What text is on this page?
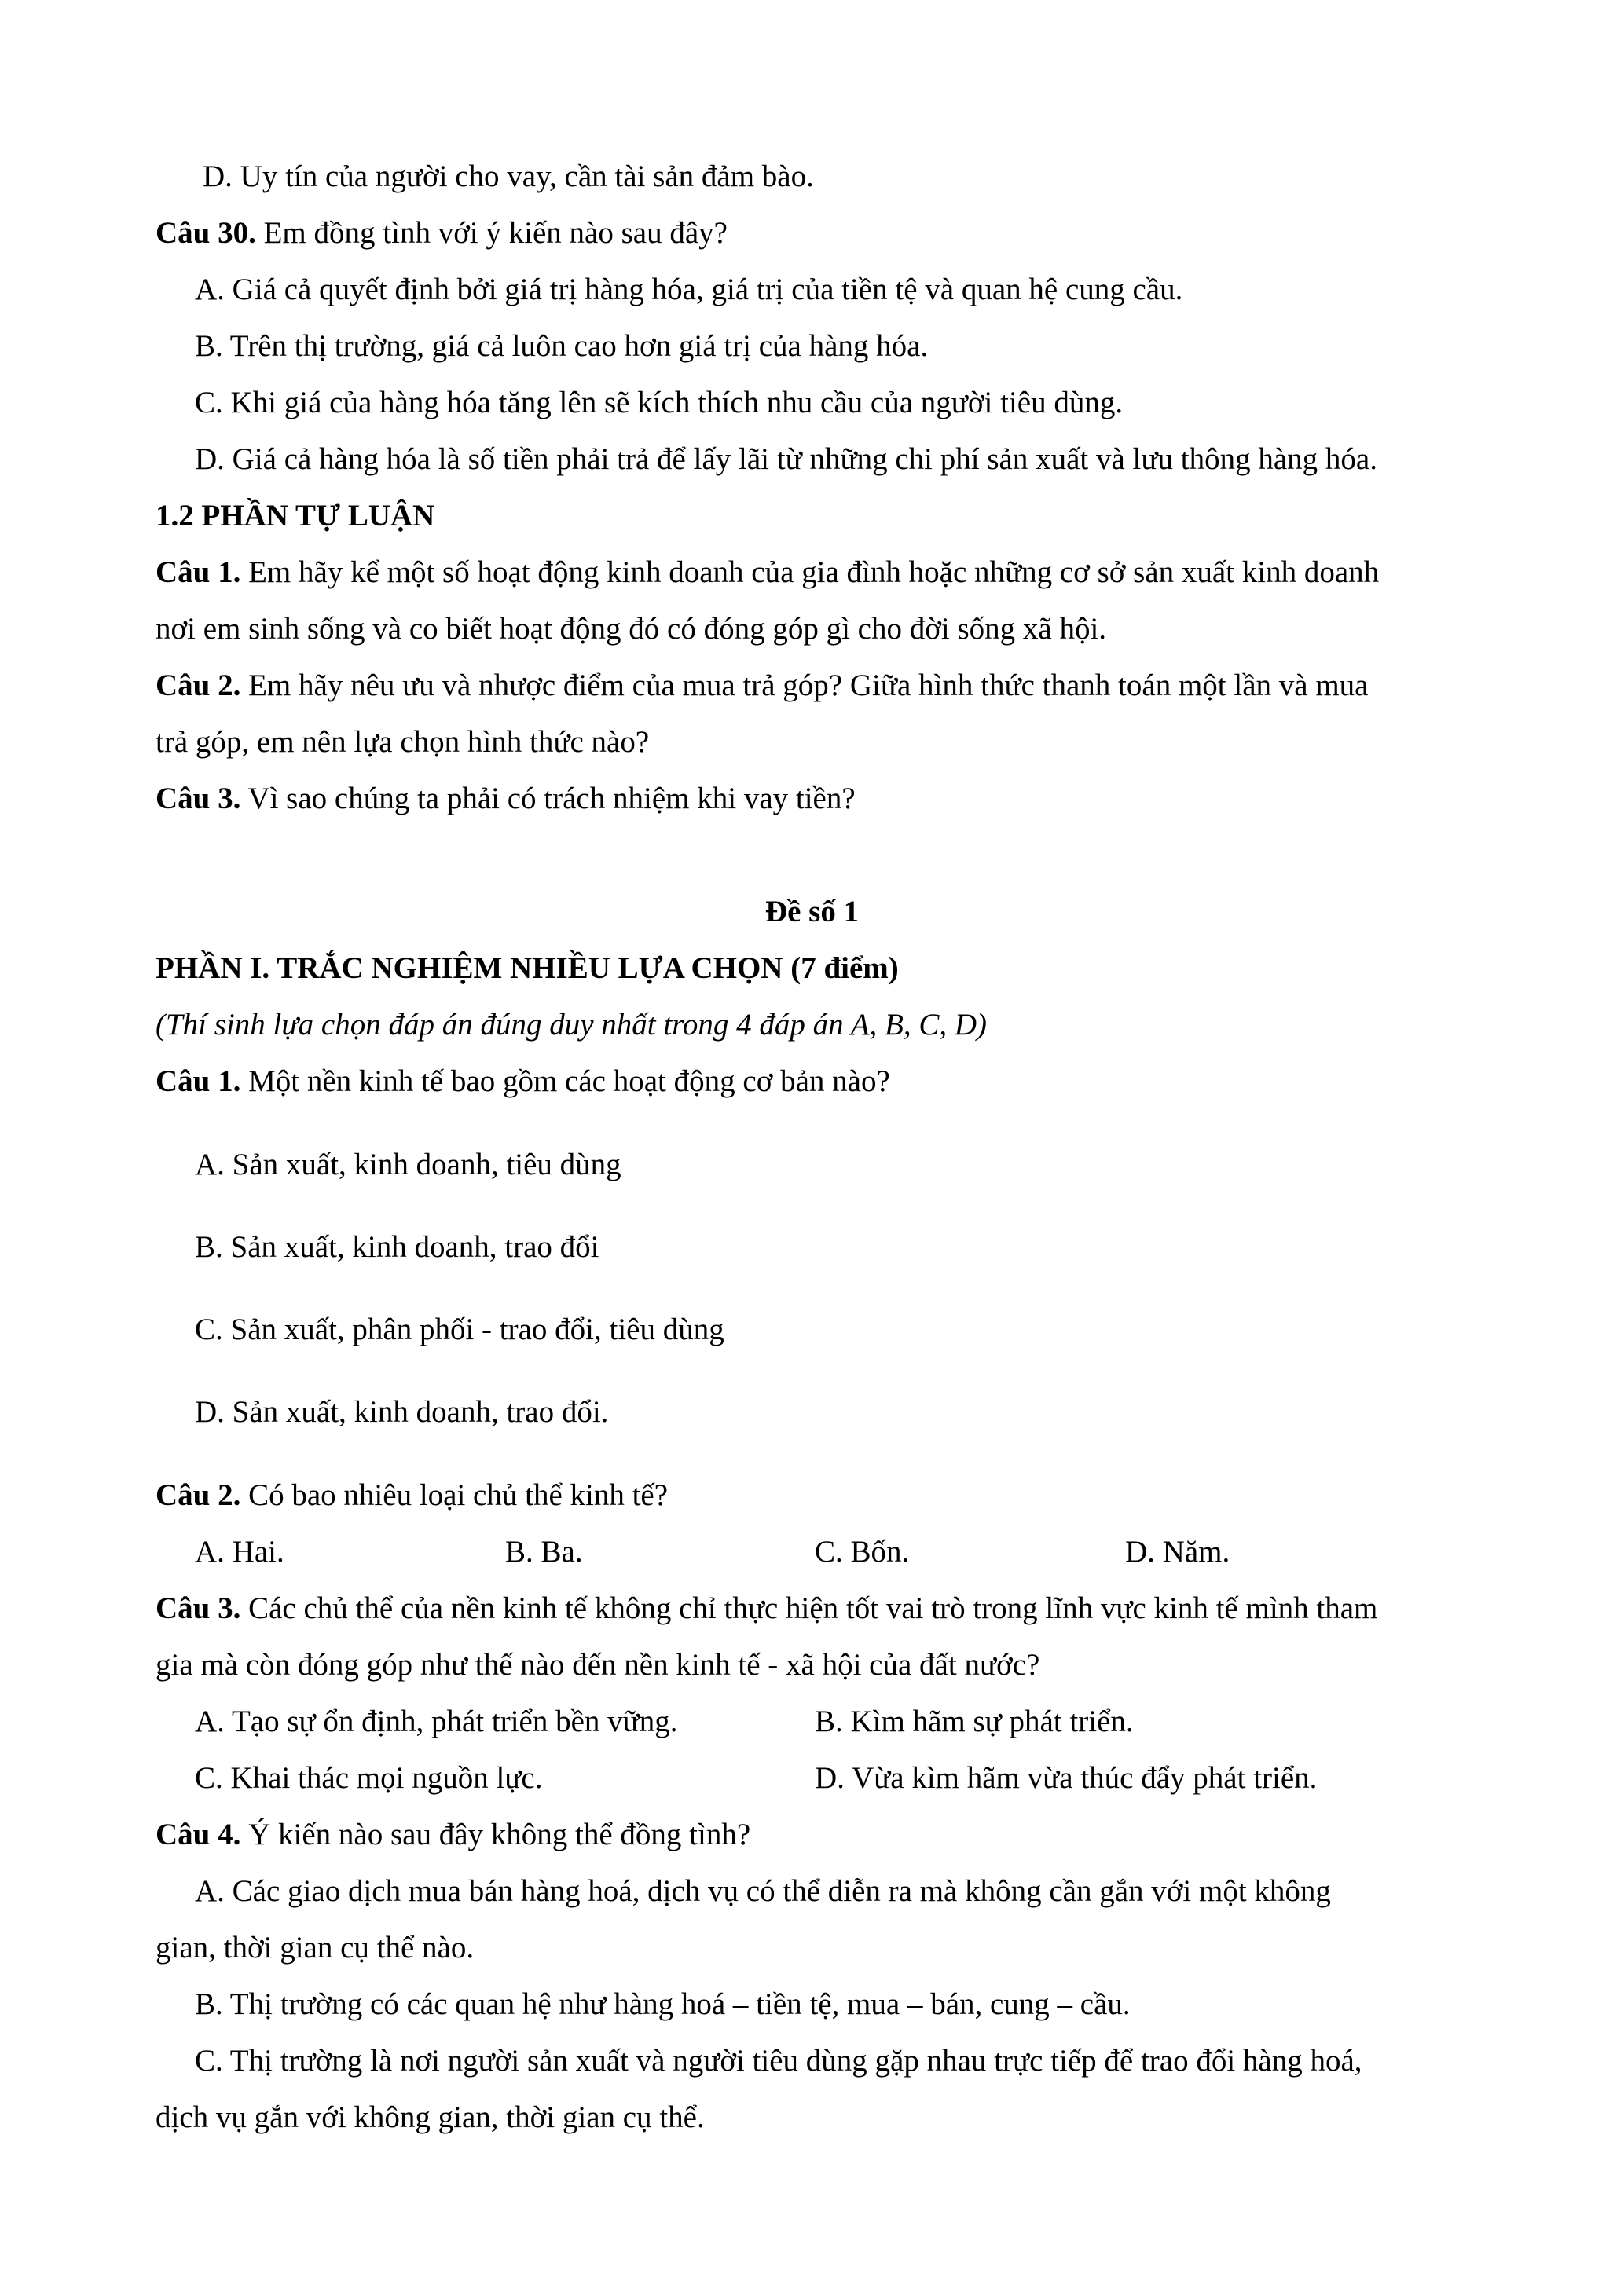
D. Uy tín của người cho vay, cần tài sản đảm bào.
Câu 30. Em đồng tình với ý kiến nào sau đây?
A. Giá cả quyết định bởi giá trị hàng hóa, giá trị của tiền tệ và quan hệ cung cầu.
B. Trên thị trường, giá cả luôn cao hơn giá trị của hàng hóa.
C. Khi giá của hàng hóa tăng lên sẽ kích thích nhu cầu của người tiêu dùng.
D. Giá cả hàng hóa là số tiền phải trả để lấy lãi từ những chi phí sản xuất và lưu thông hàng hóa.
1.2 PHẦN TỰ LUẬN
Câu 1. Em hãy kể một số hoạt động kinh doanh của gia đình hoặc những cơ sở sản xuất kinh doanh
nơi em sinh sống và co biết hoạt động đó có đóng góp gì cho đời sống xã hội.
Câu 2. Em hãy nêu ưu và nhược điểm của mua trả góp? Giữa hình thức thanh toán một lần và mua
trả góp, em nên lựa chọn hình thức nào?
Câu 3. Vì sao chúng ta phải có trách nhiệm khi vay tiền?
Đề số 1
PHẦN I. TRẮC NGHIỆM NHIỀU LỰA CHỌN (7 điểm)
(Thí sinh lựa chọn đáp án đúng duy nhất trong 4 đáp án A, B, C, D)
Câu 1. Một nền kinh tế bao gồm các hoạt động cơ bản nào?
A. Sản xuất, kinh doanh, tiêu dùng
B. Sản xuất, kinh doanh, trao đổi
C. Sản xuất, phân phối - trao đổi, tiêu dùng
D. Sản xuất, kinh doanh, trao đổi.
Câu 2. Có bao nhiêu loại chủ thể kinh tế?
A. Hai.	B. Ba.	C. Bốn.	D. Năm.
Câu 3. Các chủ thể của nền kinh tế không chỉ thực hiện tốt vai trò trong lĩnh vực kinh tế mình tham
gia mà còn đóng góp như thế nào đến nền kinh tế - xã hội của đất nước?
A. Tạo sự ổn định, phát triển bền vững.	B. Kìm hãm sự phát triển.
C. Khai thác mọi nguồn lực.	D. Vừa kìm hãm vừa thúc đẩy phát triển.
Câu 4. Ý kiến nào sau đây không thể đồng tình?
A. Các giao dịch mua bán hàng hoá, dịch vụ có thể diễn ra mà không cần gắn với một không
gian, thời gian cụ thể nào.
B. Thị trường có các quan hệ như hàng hoá – tiền tệ, mua – bán, cung – cầu.
C. Thị trường là nơi người sản xuất và người tiêu dùng gặp nhau trực tiếp để trao đổi hàng hoá,
dịch vụ gắn với không gian, thời gian cụ thể.
